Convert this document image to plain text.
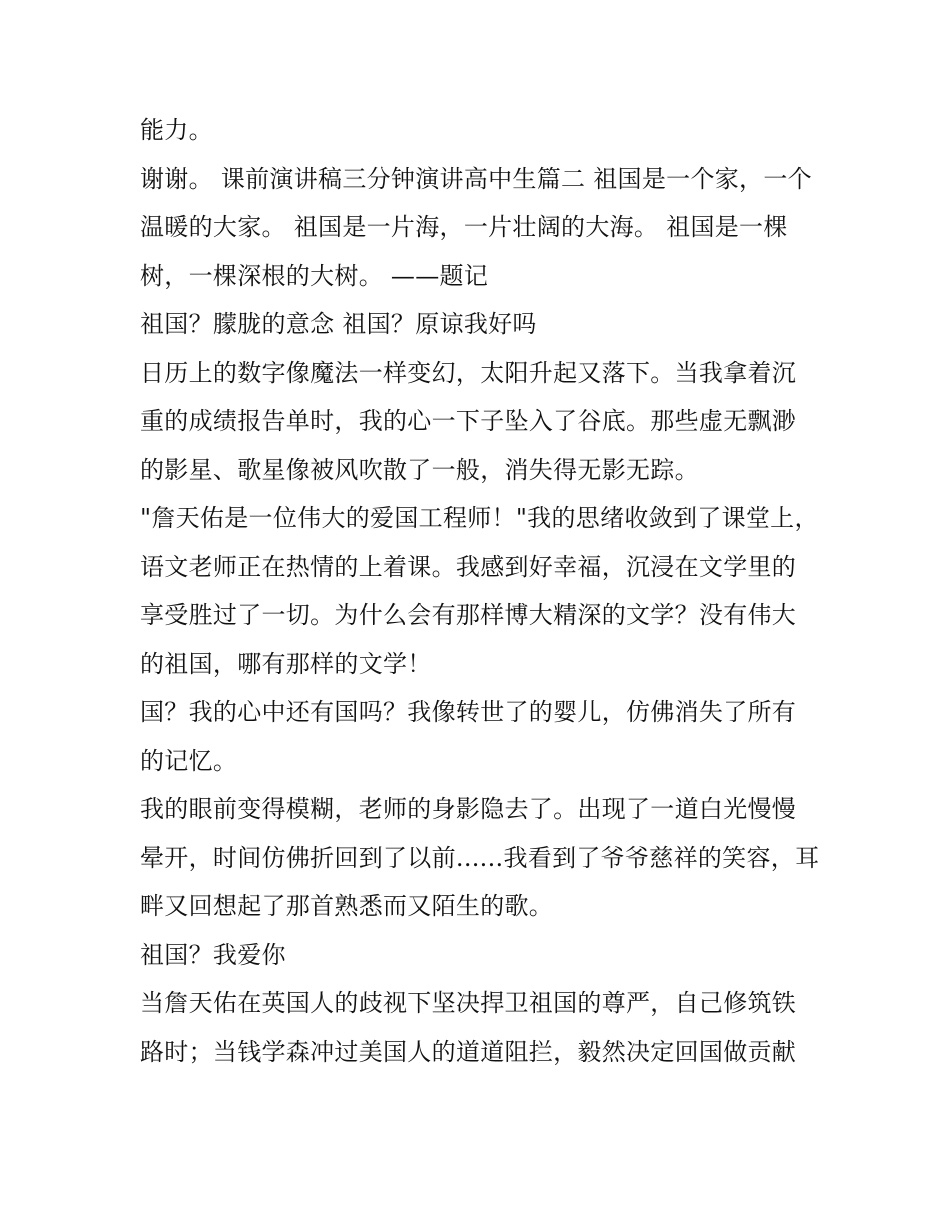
能力。

谢谢。 课前演讲稿三分钟演讲高中生篇二 祖国是一个家，一个温暖的大家。 祖国是一片海，一片壮阔的大海。 祖国是一棵树，一棵深根的大树。 ——题记

祖国？朦胧的意念 祖国？原谅我好吗

日历上的数字像魔法一样变幻，太阳升起又落下。当我拿着沉重的成绩报告单时，我的心一下子坠入了谷底。那些虚无飘渺的影星、歌星像被风吹散了一般，消失得无影无踪。

"詹天佑是一位伟大的爱国工程师！"我的思绪收敛到了课堂上，语文老师正在热情的上着课。我感到好幸福，沉浸在文学里的享受胜过了一切。为什么会有那样博大精深的文学？没有伟大的祖国，哪有那样的文学！

国？我的心中还有国吗？我像转世了的婴儿，仿佛消失了所有的记忆。

我的眼前变得模糊，老师的身影隐去了。出现了一道白光慢慢晕开，时间仿佛折回到了以前......我看到了爷爷慈祥的笑容，耳畔又回想起了那首熟悉而又陌生的歌。

祖国？我爱你

当詹天佑在英国人的歧视下坚决捍卫祖国的尊严，自己修筑铁路时；当钱学森冲过美国人的道道阻拦，毅然决定回国做贡献
